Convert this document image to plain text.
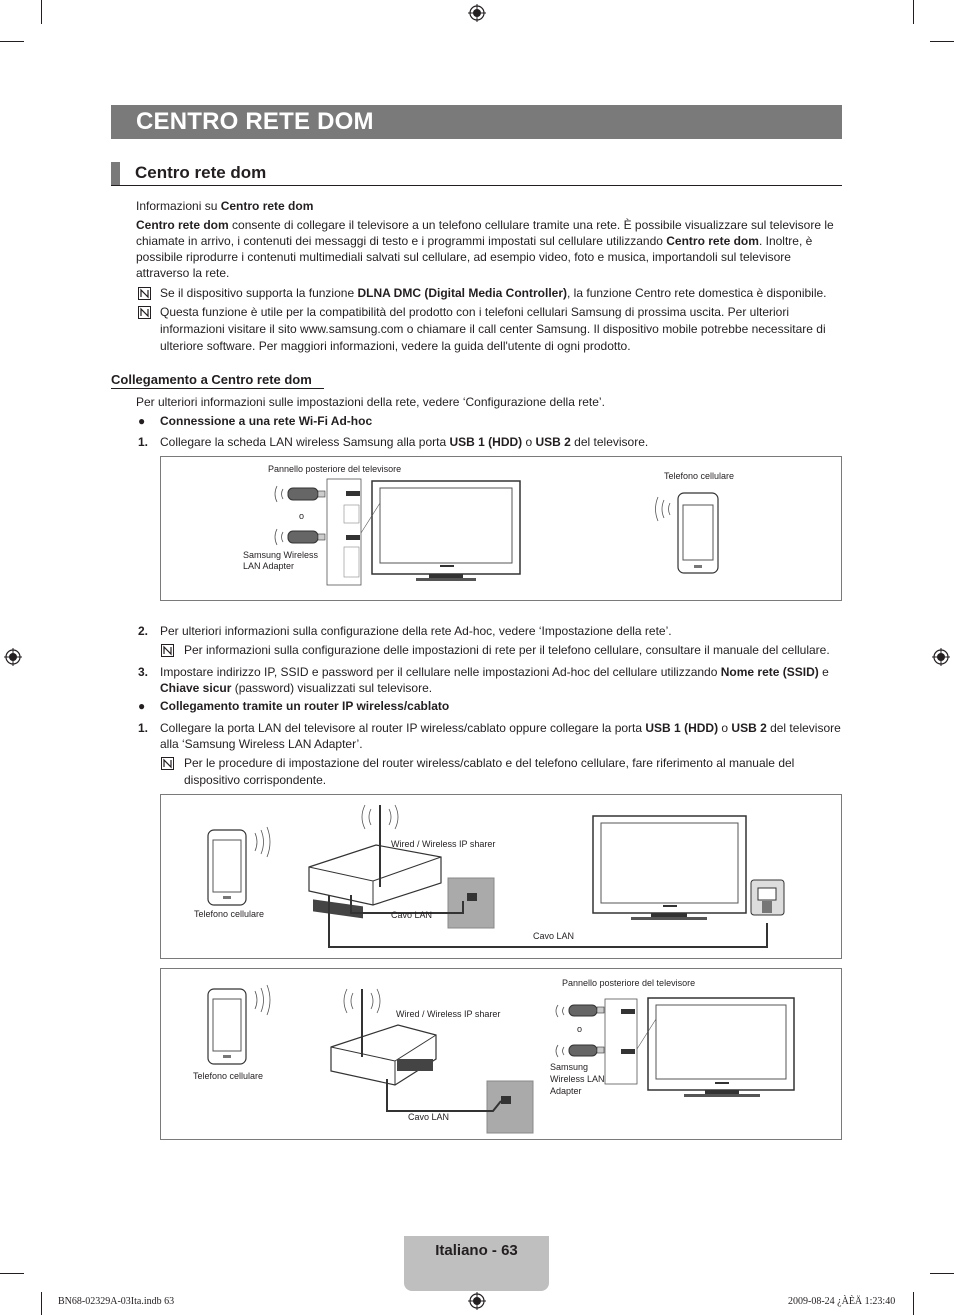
CENTRO RETE DOM
Centro rete dom
Informazioni su Centro rete dom
Centro rete dom consente di collegare il televisore a un telefono cellulare tramite una rete. È possibile visualizzare sul televisore le chiamate in arrivo, i contenuti dei messaggi di testo e i programmi impostati sul cellulare utilizzando Centro rete dom. Inoltre, è possibile riprodurre i contenuti multimediali salvati sul cellulare, ad esempio video, foto e musica, importandoli sul televisore attraverso la rete.
Se il dispositivo supporta la funzione DLNA DMC (Digital Media Controller), la funzione Centro rete domestica è disponibile.
Questa funzione è utile per la compatibilità del prodotto con i telefoni cellulari Samsung di prossima uscita. Per ulteriori informazioni visitare il sito www.samsung.com o chiamare il call center Samsung. Il dispositivo mobile potrebbe necessitare di ulteriore software. Per maggiori informazioni, vedere la guida dell'utente di ogni prodotto.
Collegamento a Centro rete dom
Per ulteriori informazioni sulle impostazioni della rete, vedere ‘Configurazione della rete’.
● Connessione a una rete Wi-Fi Ad-hoc
1. Collegare la scheda LAN wireless Samsung alla porta USB 1 (HDD) o USB 2 del televisore.
Pannello posteriore del televisore
Telefono cellulare
o
Samsung Wireless
LAN Adapter
2. Per ulteriori informazioni sulla configurazione della rete Ad-hoc, vedere ‘Impostazione della rete’.
Per informazioni sulla configurazione delle impostazioni di rete per il telefono cellulare, consultare il manuale del cellulare.
3. Impostare indirizzo IP, SSID e password per il cellulare nelle impostazioni Ad-hoc del cellulare utilizzando Nome rete (SSID) e Chiave sicur (password) visualizzati sul televisore.
● Collegamento tramite un router IP wireless/cablato
1. Collegare la porta LAN del televisore al router IP wireless/cablato oppure collegare la porta USB 1 (HDD) o USB 2 del televisore alla ‘Samsung Wireless LAN Adapter’.
Per le procedure di impostazione del router wireless/cablato e del telefono cellulare, fare riferimento al manuale del dispositivo corrispondente.
Wired / Wireless IP sharer
Telefono cellulare	Cavo LAN
Cavo LAN
Wired / Wireless IP sharer
Telefono cellulare
Cavo LAN
Pannello posteriore del televisore
o
Samsung
Wireless LAN
Adapter
Italiano - 63
BN68-02329A-03Ita.indb 63	2009-08-24 ¿ÀÈÄ 1:23:40
